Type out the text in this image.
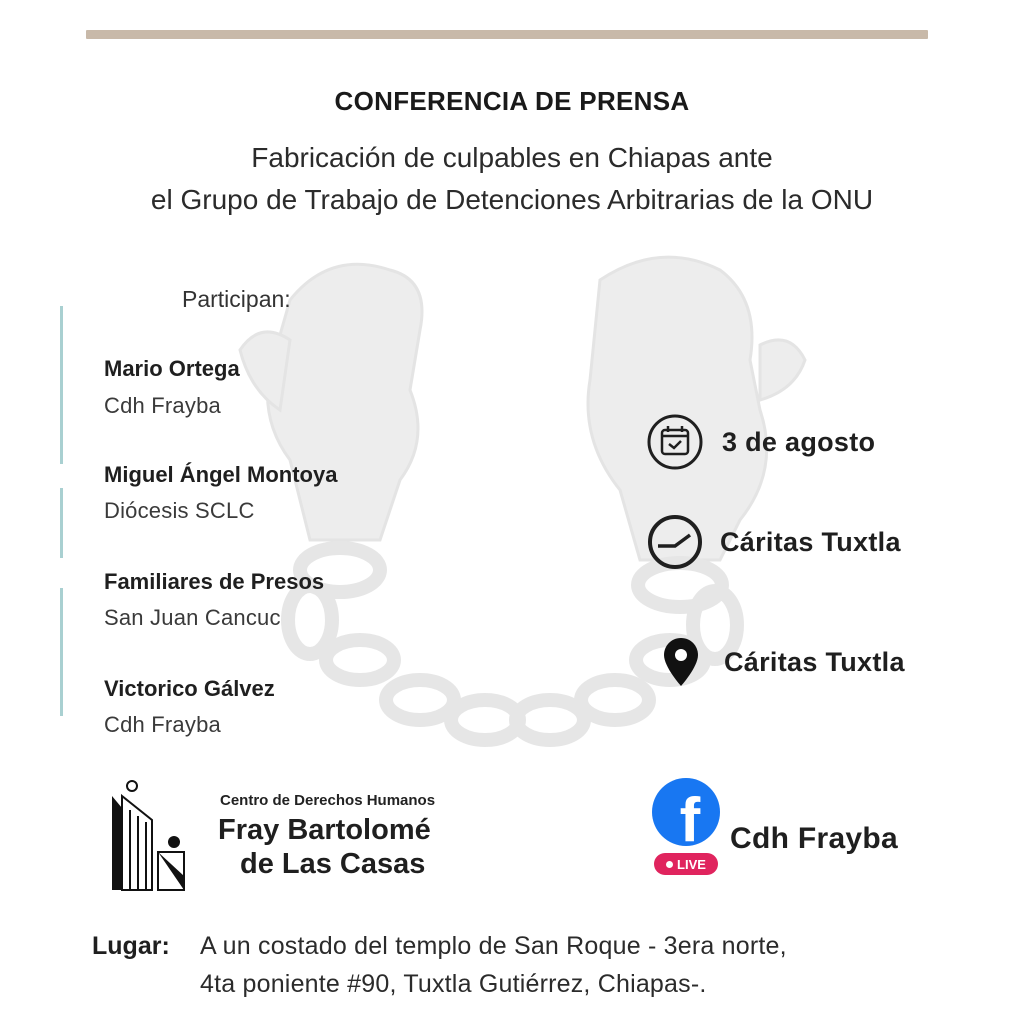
CONFERENCIA DE PRENSA
Fabricación de culpables en Chiapas ante
el Grupo de Trabajo de Detenciones Arbitrarias de la ONU
Participan:
Mario Ortega
Cdh Frayba
Miguel Ángel Montoya
Diócesis SCLC
Familiares de Presos
San Juan Cancuc
Victorico Gálvez
Cdh Frayba
3 de agosto
Cáritas Tuxtla
Cáritas Tuxtla
Centro de Derechos Humanos
Fray Bartolomé
de Las Casas
f
LIVE
Cdh Frayba
Lugar: A un costado del templo de San Roque - 3era norte,
4ta poniente #90, Tuxtla Gutiérrez, Chiapas-.
